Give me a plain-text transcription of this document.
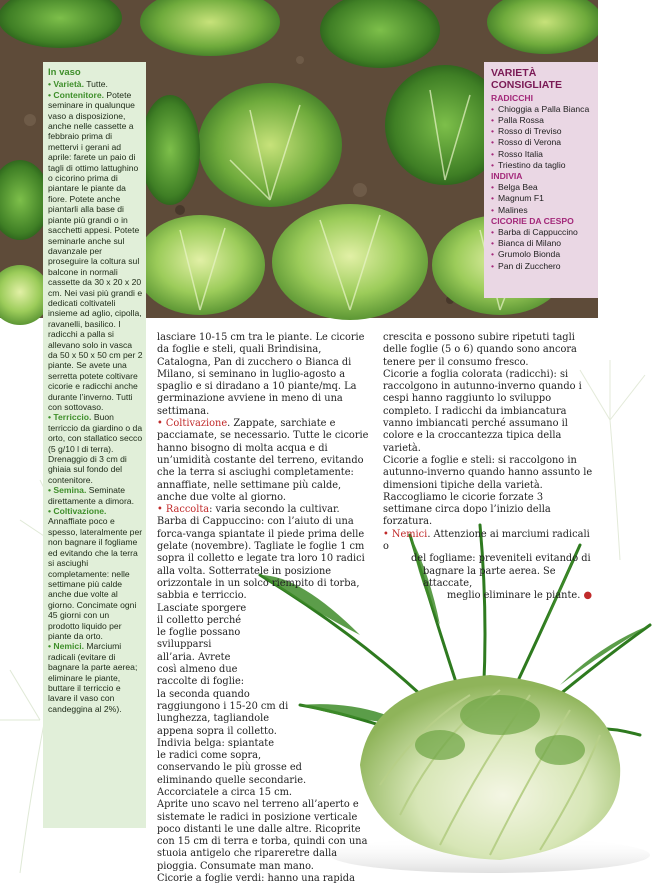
In vaso

• Varietà. Tutte.

• Contenitore. Potete seminare in qualunque vaso a disposizione, anche nelle cassette a febbraio prima di mettervi i gerani ad aprile: farete un paio di tagli di ottimo lattughino o cicorino prima di piantare le piante da fiore. Potete anche piantarli alla base di piante più grandi o in sacchetti appesi. Potete seminarle anche sul davanzale per proseguire la coltura sul balcone in normali cassette da 30 x 20 x 20 cm. Nei vasi più grandi e dedicati coltivateli insieme ad aglio, cipolla, ravanelli, basilico. I radicchi a palla si allevano solo in vasca da 50 x 50 x 50 cm per 2 piante. Se avete una serretta potete coltivare cicorie e radicchi anche durante l’inverno. Tutti con sottovaso.

• Terriccio. Buon terriccio da giardino o da orto, con stallatico secco (5 g/10 l di terra). Drenaggio di 3 cm di ghiaia sul fondo del contenitore.

• Semina. Seminate direttamente a dimora.

• Coltivazione. Annaffiate poco e spesso, lateralmente per non bagnare il fogliame ed evitando che la terra si asciughi completamente: nelle settimane più calde anche due volte al giorno. Concimate ogni 45 giorni con un prodotto liquido per piante da orto.

• Nemici. Marciumi radicali (evitare di bagnare la parte aerea; eliminare le piante, buttare il terriccio e lavare il vaso con candeggina al 2%).

VARIETÀ
CONSIGLIATE
RADICCHI
• Chioggia a Palla Bianca
• Palla Rossa
• Rosso di Treviso
• Rosso di Verona
• Rosso Italia
• Triestino da taglio
INDIVIA
• Belga Bea
• Magnum F1
• Malines
CICORIE DA CESPO
• Barba di Cappuccino
• Bianca di Milano
• Grumolo Bionda
• Pan di Zucchero

lasciare 10-15 cm tra le piante. Le cicorie da foglie e steli, quali Brindisina, Catalogna, Pan di zucchero o Bianca di Milano, si seminano in luglio-agosto a spaglio e si diradano a 10 piante/mq. La germinazione avviene in meno di una settimana.

• Coltivazione. Zappate, sarchiate e pacciamate, se necessario. Tutte le cicorie hanno bisogno di molta acqua e di un’umidità costante del terreno, evitando che la terra si asciughi completamente: annaffiate, nelle settimane più calde, anche due volte al giorno.

• Raccolta: varia secondo la cultivar.

Barba di Cappuccino: con l’aiuto di una forca-vanga spiantate il piede prima delle gelate (novembre). Tagliate le foglie 1 cm sopra il colletto e legate tra loro 10 radici alla volta. Sotterratele in posizione orizzontale in un solco riempito di torba, sabbia e terriccio.

Lasciate sporgere
il colletto perché
le foglie possano
svilupparsi
all’aria. Avrete
così almeno due
raccolte di foglie:
la seconda quando
raggiungono i 15-20 cm di
lunghezza, tagliandole
appena sopra il colletto.
Indivia belga: spiantate
le radici come sopra,
conservando le più grosse ed
eliminando quelle secondarie.
Accorciatele a circa 15 cm.

Aprite uno scavo nel terreno all’aperto e sistemate le radici in posizione verticale poco distanti le une dalle altre. Ricoprite con 15 cm di terra e torba, quindi con una stuoia antigelo che ripareretre dalla pioggia. Consumate man mano.

Cicorie a foglie verdi: hanno una rapida

crescita e possono subire ripetuti tagli delle foglie (5 o 6) quando sono ancora tenere per il consumo fresco.

Cicorie a foglia colorata (radicchi): si raccolgono in autunno-inverno quando i cespi hanno raggiunto lo sviluppo completo. I radicchi da imbiancatura vanno imbiancati perché assumano il colore e la croccantezza tipica della varietà.

Cicorie a foglie e steli: si raccolgono in autunno-inverno quando hanno assunto le dimensioni tipiche della varietà. Raccogliamo le cicorie forzate 3 settimane circa dopo l’inizio della forzatura.

• Nemici. Attenzione ai marciumi radicali o
del fogliame: preveniteli evitando di
bagnare la parte aerea. Se attaccate,
meglio eliminare le piante. ●
